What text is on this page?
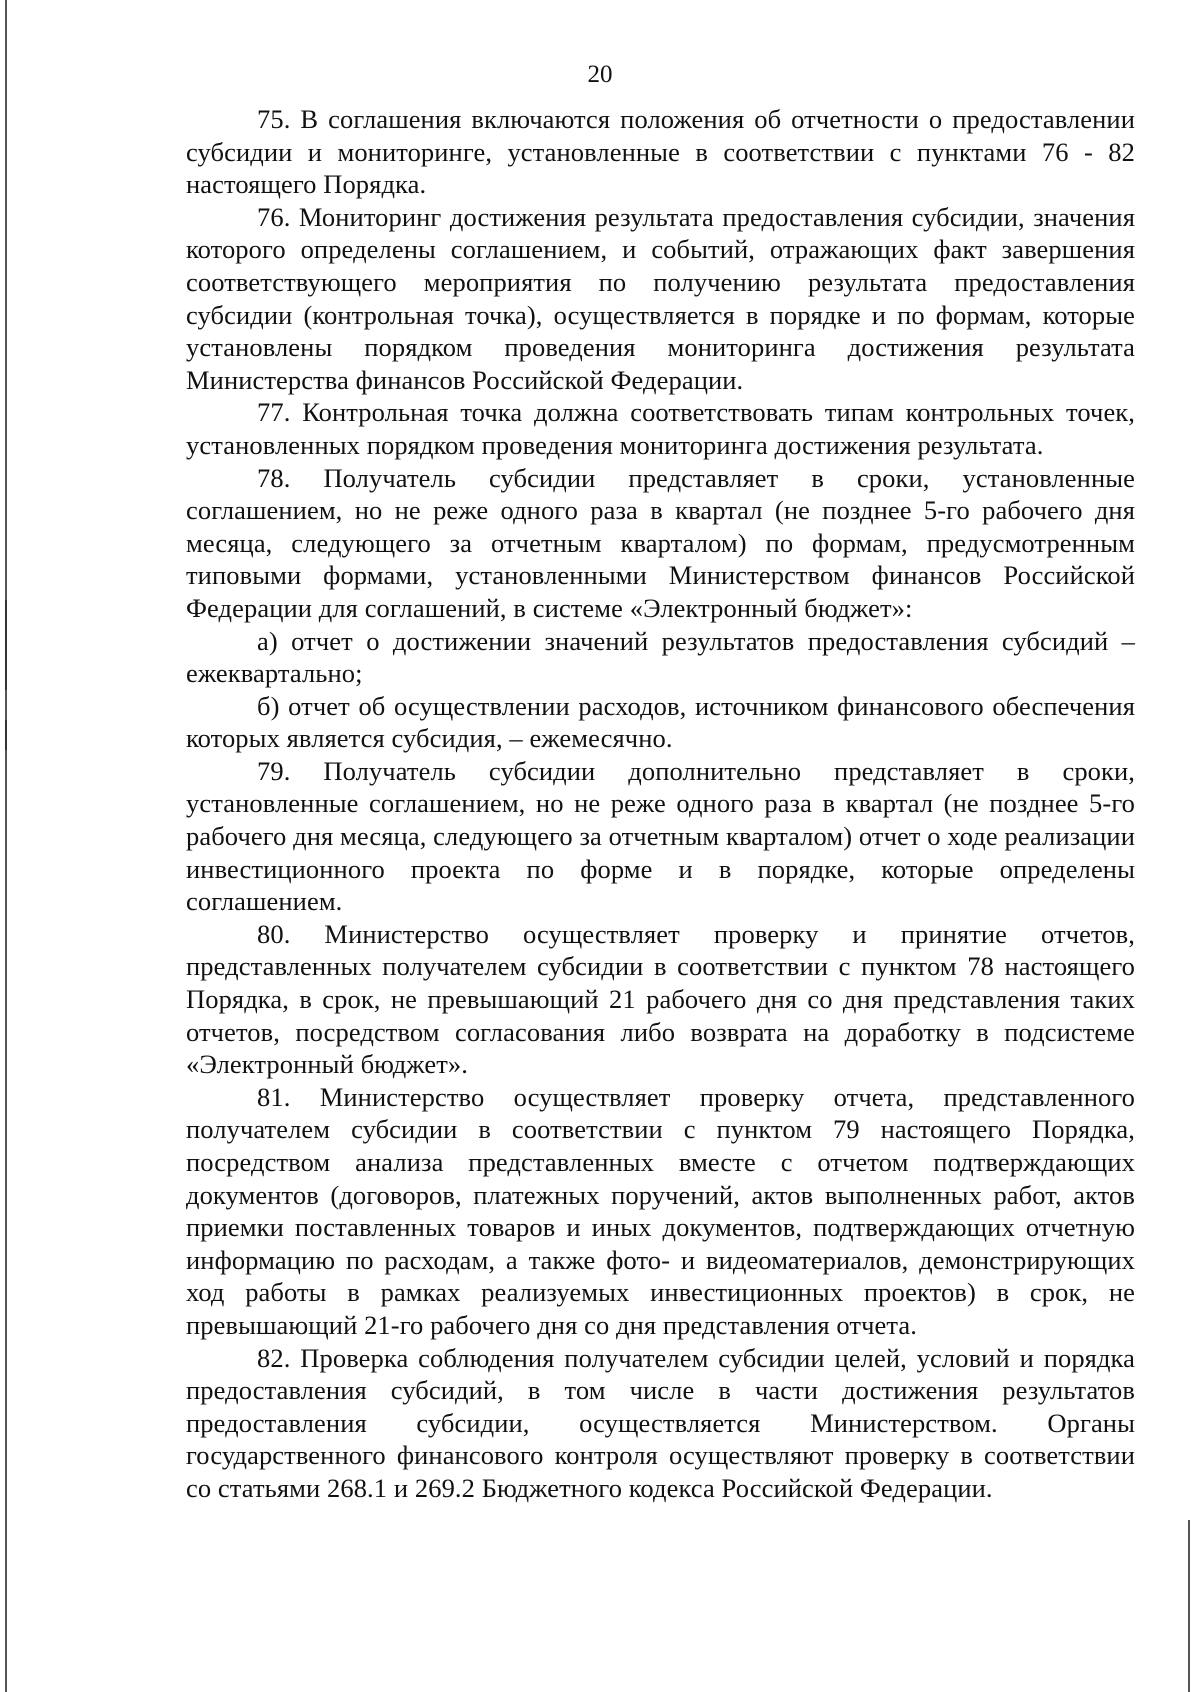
20

75. В соглашения включаются положения об отчетности о предоставлении субсидии и мониторинге, установленные в соответствии с пунктами 76 - 82 настоящего Порядка.

76. Мониторинг достижения результата предоставления субсидии, значения которого определены соглашением, и событий, отражающих факт завершения соответствующего мероприятия по получению результата предоставления субсидии (контрольная точка), осуществляется в порядке и по формам, которые установлены порядком проведения мониторинга достижения результата Министерства финансов Российской Федерации.

77. Контрольная точка должна соответствовать типам контрольных точек, установленных порядком проведения мониторинга достижения результата.

78. Получатель субсидии представляет в сроки, установленные соглашением, но не реже одного раза в квартал (не позднее 5-го рабочего дня месяца, следующего за отчетным кварталом) по формам, предусмотренным типовыми формами, установленными Министерством финансов Российской Федерации для соглашений, в системе «Электронный бюджет»:

а) отчет о достижении значений результатов предоставления субсидий – ежеквартально;

б) отчет об осуществлении расходов, источником финансового обеспечения которых является субсидия, – ежемесячно.

79. Получатель субсидии дополнительно представляет в сроки, установленные соглашением, но не реже одного раза в квартал (не позднее 5-го рабочего дня месяца, следующего за отчетным кварталом) отчет о ходе реализации инвестиционного проекта по форме и в порядке, которые определены соглашением.

80. Министерство осуществляет проверку и принятие отчетов, представленных получателем субсидии в соответствии с пунктом 78 настоящего Порядка, в срок, не превышающий 21 рабочего дня со дня представления таких отчетов, посредством согласования либо возврата на доработку в подсистеме «Электронный бюджет».

81. Министерство осуществляет проверку отчета, представленного получателем субсидии в соответствии с пунктом 79 настоящего Порядка, посредством анализа представленных вместе с отчетом подтверждающих документов (договоров, платежных поручений, актов выполненных работ, актов приемки поставленных товаров и иных документов, подтверждающих отчетную информацию по расходам, а также фото- и видеоматериалов, демонстрирующих ход работы в рамках реализуемых инвестиционных проектов) в срок, не превышающий 21-го рабочего дня со дня представления отчета.

82. Проверка соблюдения получателем субсидии целей, условий и порядка предоставления субсидий, в том числе в части достижения результатов предоставления субсидии, осуществляется Министерством. Органы государственного финансового контроля осуществляют проверку в соответствии со статьями 268.1 и 269.2 Бюджетного кодекса Российской Федерации.
